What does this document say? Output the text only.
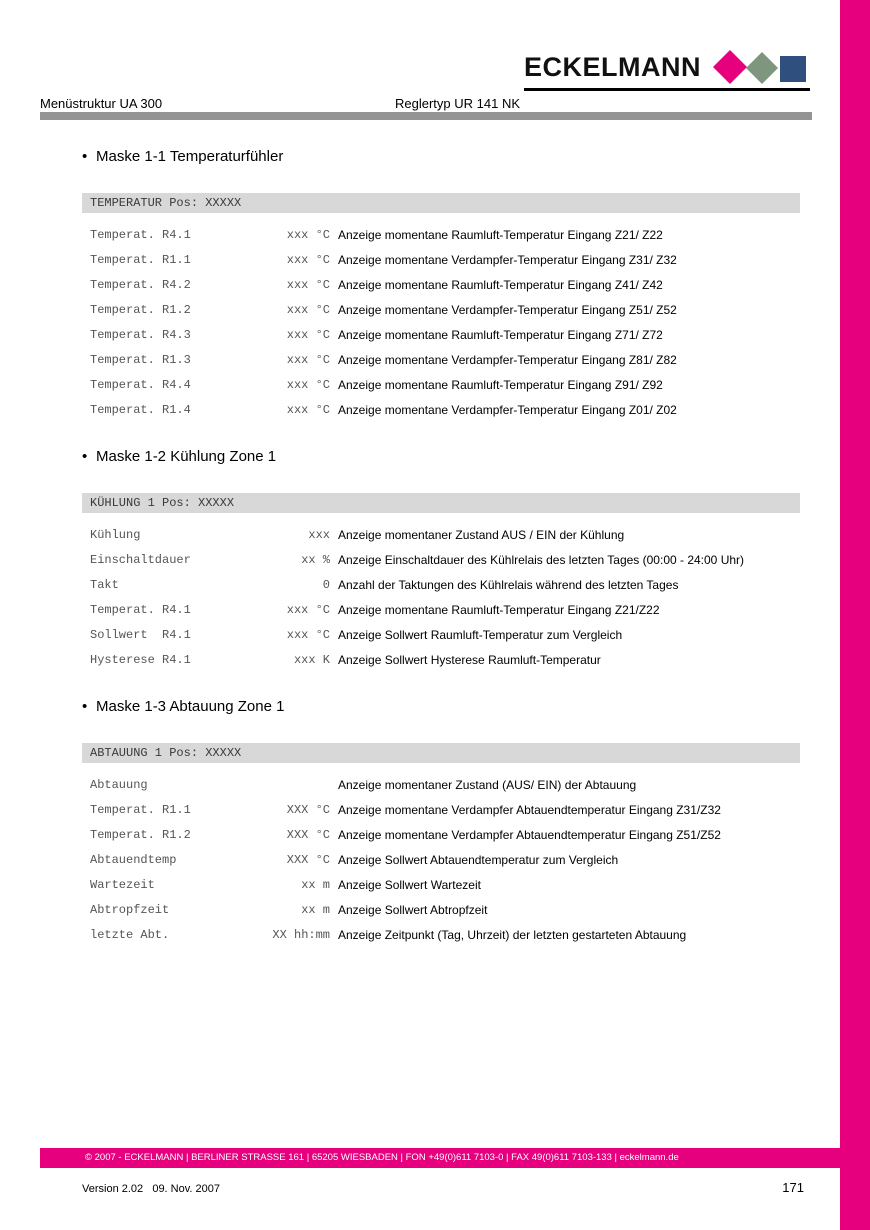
ECKELMANN
Menüstruktur UA 300	Reglertyp UR 141 NK
• Maske 1-1 Temperaturfühler
TEMPERATUR Pos: XXXXX
Temperat. R4.1	xxx °C Anzeige momentane Raumluft-Temperatur Eingang Z21/ Z22
Temperat. R1.1	xxx °C Anzeige momentane Verdampfer-Temperatur Eingang Z31/ Z32
Temperat. R4.2	xxx °C Anzeige momentane Raumluft-Temperatur Eingang Z41/ Z42
Temperat. R1.2	xxx °C Anzeige momentane Verdampfer-Temperatur Eingang Z51/ Z52
Temperat. R4.3	xxx °C Anzeige momentane Raumluft-Temperatur Eingang Z71/ Z72
Temperat. R1.3	xxx °C Anzeige momentane Verdampfer-Temperatur Eingang Z81/ Z82
Temperat. R4.4	xxx °C Anzeige momentane Raumluft-Temperatur Eingang Z91/ Z92
Temperat. R1.4	xxx °C Anzeige momentane Verdampfer-Temperatur Eingang Z01/ Z02
• Maske 1-2 Kühlung Zone 1
KÜHLUNG 1 Pos: XXXXX
Kühlung	xxx Anzeige momentaner Zustand AUS / EIN der Kühlung
Einschaltdauer	xx % Anzeige Einschaltdauer des Kühlrelais des letzten Tages (00:00 - 24:00 Uhr)
Takt	0 Anzahl der Taktungen des Kühlrelais während des letzten Tages
Temperat. R4.1	xxx °C Anzeige momentane Raumluft-Temperatur Eingang Z21/Z22
Sollwert  R4.1	xxx °C Anzeige Sollwert Raumluft-Temperatur zum Vergleich
Hysterese R4.1	xxx K Anzeige Sollwert Hysterese Raumluft-Temperatur
• Maske 1-3 Abtauung Zone 1
ABTAUUNG 1 Pos: XXXXX
Abtauung	Anzeige momentaner Zustand (AUS/ EIN) der Abtauung
Temperat. R1.1	XXX °C Anzeige momentane Verdampfer Abtauendtemperatur Eingang Z31/Z32
Temperat. R1.2	XXX °C Anzeige momentane Verdampfer Abtauendtemperatur Eingang Z51/Z52
Abtauendtemp	XXX °C Anzeige Sollwert Abtauendtemperatur zum Vergleich
Wartezeit	xx m Anzeige Sollwert Wartezeit
Abtropfzeit	xx m Anzeige Sollwert Abtropfzeit
letzte Abt.	XX hh:mm Anzeige Zeitpunkt (Tag, Uhrzeit) der letzten gestarteten Abtauung
© 2007 - ECKELMANN | BERLINER STRASSE 161 | 65205 WIESBADEN | FON +49(0)611 7103-0 | FAX 49(0)611 7103-133 | eckelmann.de
Version 2.02   09. Nov. 2007	171
